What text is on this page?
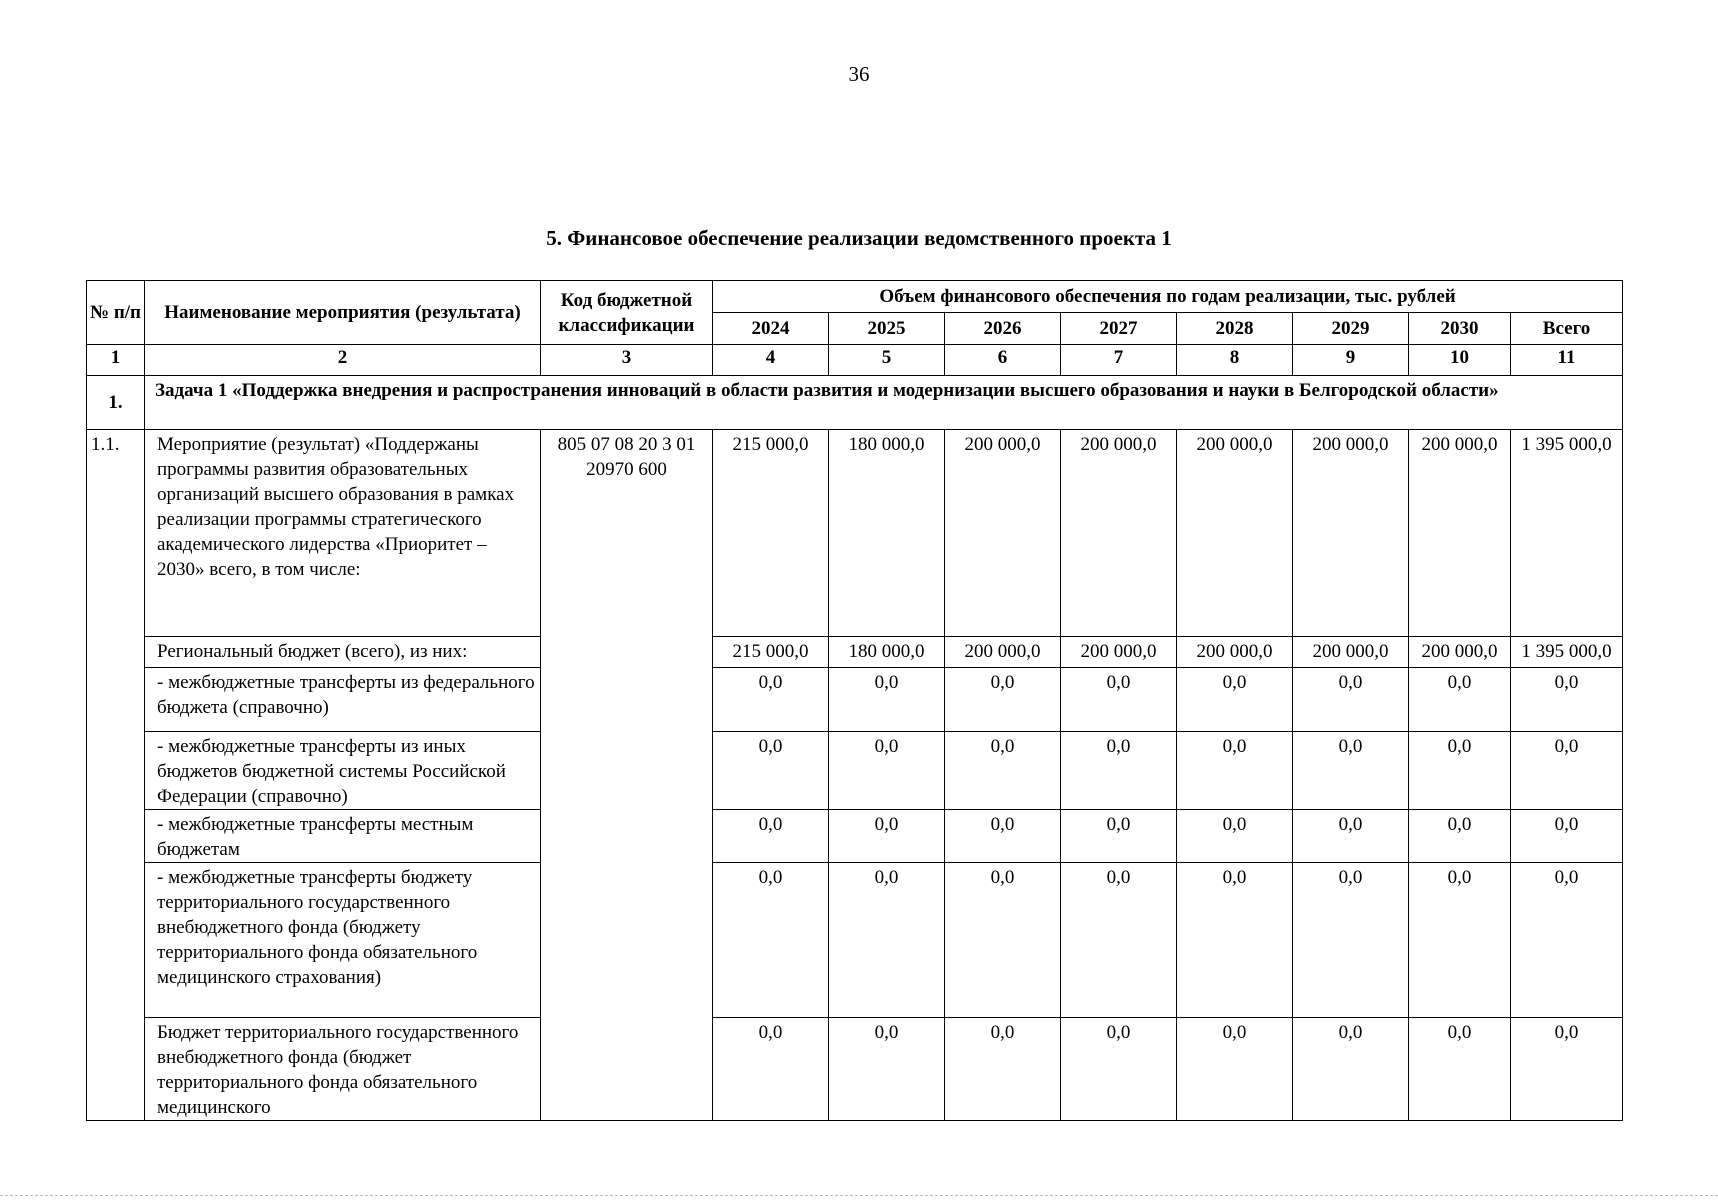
36
5. Финансовое обеспечение реализации ведомственного проекта 1
№ п/п	Наименование мероприятия (результата)	Код бюджетной классификации	Объем финансового обеспечения по годам реализации, тыс. рублей							
			2024	2025	2026	2027	2028	2029	2030	Всего
1	2	3	4	5	6	7	8	9	10	11
1.	Задача 1 «Поддержка внедрения и распространения инноваций в области развития и модернизации высшего образования и науки в Белгородской области»									
1.1.	Мероприятие (результат) «Поддержаны программы развития образовательных организаций высшего образования в рамках реализации программы стратегического академического лидерства «Приоритет – 2030» всего, в том числе:	805 07 08 20 3 01 20970 600	215 000,0	180 000,0	200 000,0	200 000,0	200 000,0	200 000,0	200 000,0	1 395 000,0
	Региональный бюджет (всего), из них:		215 000,0	180 000,0	200 000,0	200 000,0	200 000,0	200 000,0	200 000,0	1 395 000,0
	- межбюджетные трансферты из федерального бюджета (справочно)		0,0	0,0	0,0	0,0	0,0	0,0	0,0	0,0
	- межбюджетные трансферты из иных бюджетов бюджетной системы Российской Федерации (справочно)		0,0	0,0	0,0	0,0	0,0	0,0	0,0	0,0
	- межбюджетные трансферты местным бюджетам		0,0	0,0	0,0	0,0	0,0	0,0	0,0	0,0
	- межбюджетные трансферты бюджету территориального государственного внебюджетного фонда (бюджету территориального фонда обязательного медицинского страхования)		0,0	0,0	0,0	0,0	0,0	0,0	0,0	0,0
	Бюджет территориального государственного внебюджетного фонда (бюджет территориального фонда обязательного медицинского		0,0	0,0	0,0	0,0	0,0	0,0	0,0	0,0
